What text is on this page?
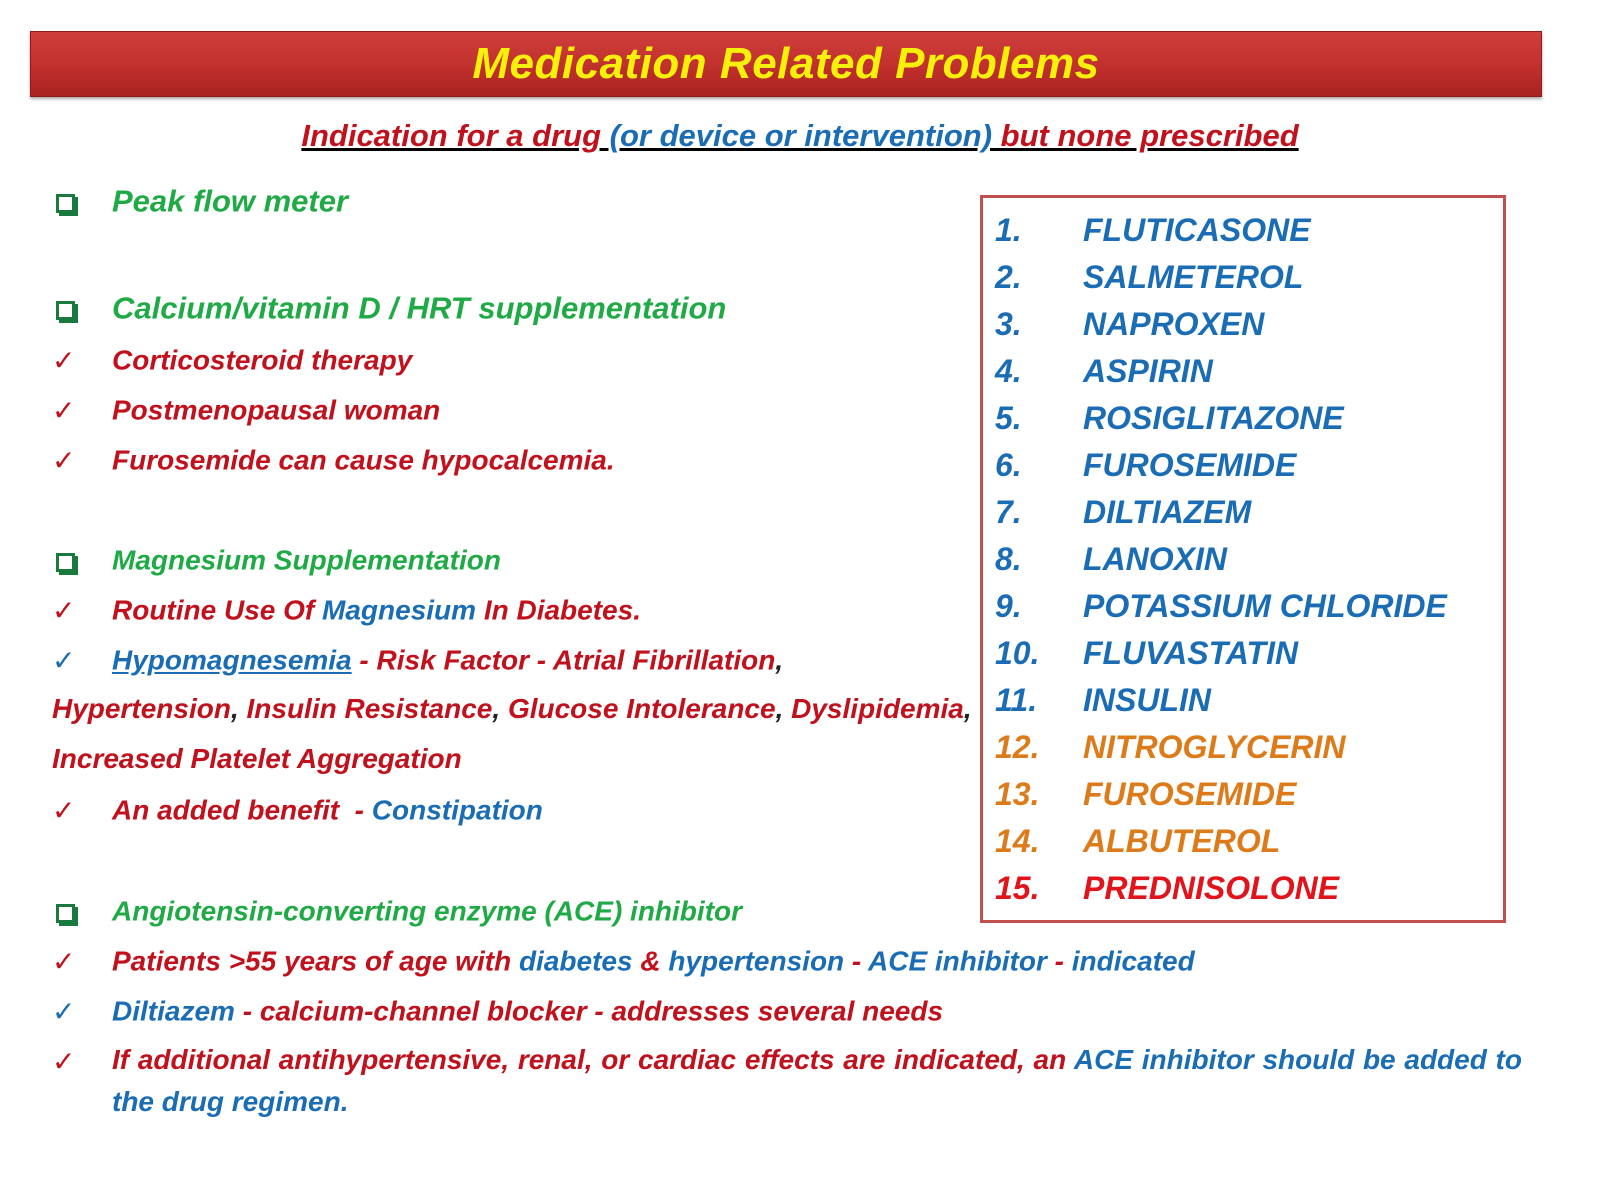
Medication Related Problems
Indication for a drug (or device or intervention) but none prescribed
Peak flow meter
Calcium/vitamin D / HRT supplementation
✓ Corticosteroid therapy
✓ Postmenopausal woman
✓ Furosemide can cause hypocalcemia.
Magnesium Supplementation
✓ Routine Use Of Magnesium In Diabetes.
✓ Hypomagnesemia - Risk Factor - Atrial Fibrillation,
Hypertension, Insulin Resistance, Glucose Intolerance, Dyslipidemia,
Increased Platelet Aggregation
✓ An added benefit  - Constipation
Angiotensin-converting enzyme (ACE) inhibitor
✓ Patients >55 years of age with diabetes & hypertension - ACE inhibitor - indicated
✓ Diltiazem - calcium-channel blocker - addresses several needs
✓	If additional antihypertensive, renal, or cardiac effects are indicated, an ACE inhibitor should be added to the drug regimen.
1. FLUTICASONE
2. SALMETEROL
3. NAPROXEN
4. ASPIRIN
5. ROSIGLITAZONE
6. FUROSEMIDE
7. DILTIAZEM
8. LANOXIN
9. POTASSIUM CHLORIDE
10. FLUVASTATIN
11. INSULIN
12. NITROGLYCERIN
13. FUROSEMIDE
14. ALBUTEROL
15. PREDNISOLONE
